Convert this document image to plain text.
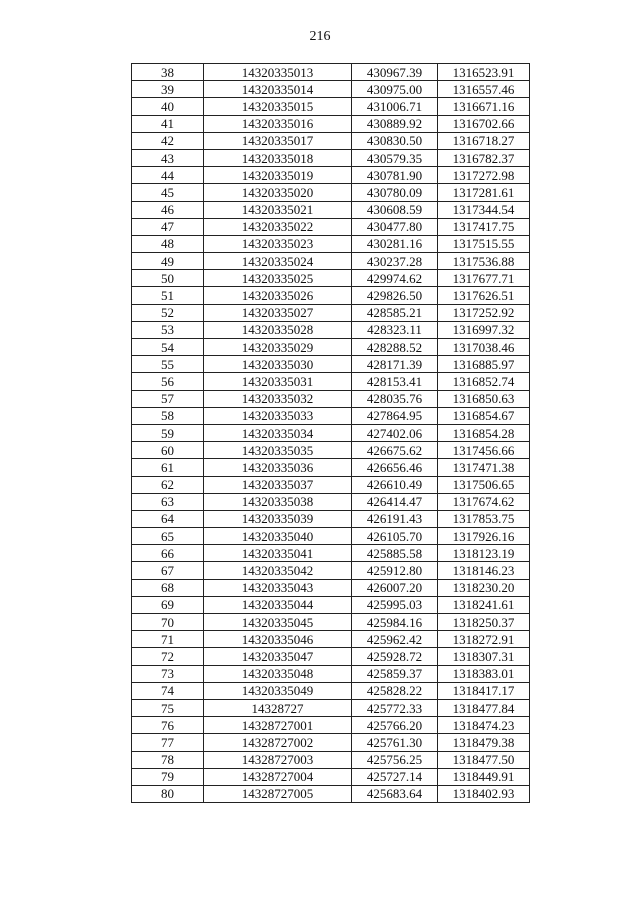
216
38	14320335013	430967.39	1316523.91
39	14320335014	430975.00	1316557.46
40	14320335015	431006.71	1316671.16
41	14320335016	430889.92	1316702.66
42	14320335017	430830.50	1316718.27
43	14320335018	430579.35	1316782.37
44	14320335019	430781.90	1317272.98
45	14320335020	430780.09	1317281.61
46	14320335021	430608.59	1317344.54
47	14320335022	430477.80	1317417.75
48	14320335023	430281.16	1317515.55
49	14320335024	430237.28	1317536.88
50	14320335025	429974.62	1317677.71
51	14320335026	429826.50	1317626.51
52	14320335027	428585.21	1317252.92
53	14320335028	428323.11	1316997.32
54	14320335029	428288.52	1317038.46
55	14320335030	428171.39	1316885.97
56	14320335031	428153.41	1316852.74
57	14320335032	428035.76	1316850.63
58	14320335033	427864.95	1316854.67
59	14320335034	427402.06	1316854.28
60	14320335035	426675.62	1317456.66
61	14320335036	426656.46	1317471.38
62	14320335037	426610.49	1317506.65
63	14320335038	426414.47	1317674.62
64	14320335039	426191.43	1317853.75
65	14320335040	426105.70	1317926.16
66	14320335041	425885.58	1318123.19
67	14320335042	425912.80	1318146.23
68	14320335043	426007.20	1318230.20
69	14320335044	425995.03	1318241.61
70	14320335045	425984.16	1318250.37
71	14320335046	425962.42	1318272.91
72	14320335047	425928.72	1318307.31
73	14320335048	425859.37	1318383.01
74	14320335049	425828.22	1318417.17
75	14328727	425772.33	1318477.84
76	14328727001	425766.20	1318474.23
77	14328727002	425761.30	1318479.38
78	14328727003	425756.25	1318477.50
79	14328727004	425727.14	1318449.91
80	14328727005	425683.64	1318402.93
